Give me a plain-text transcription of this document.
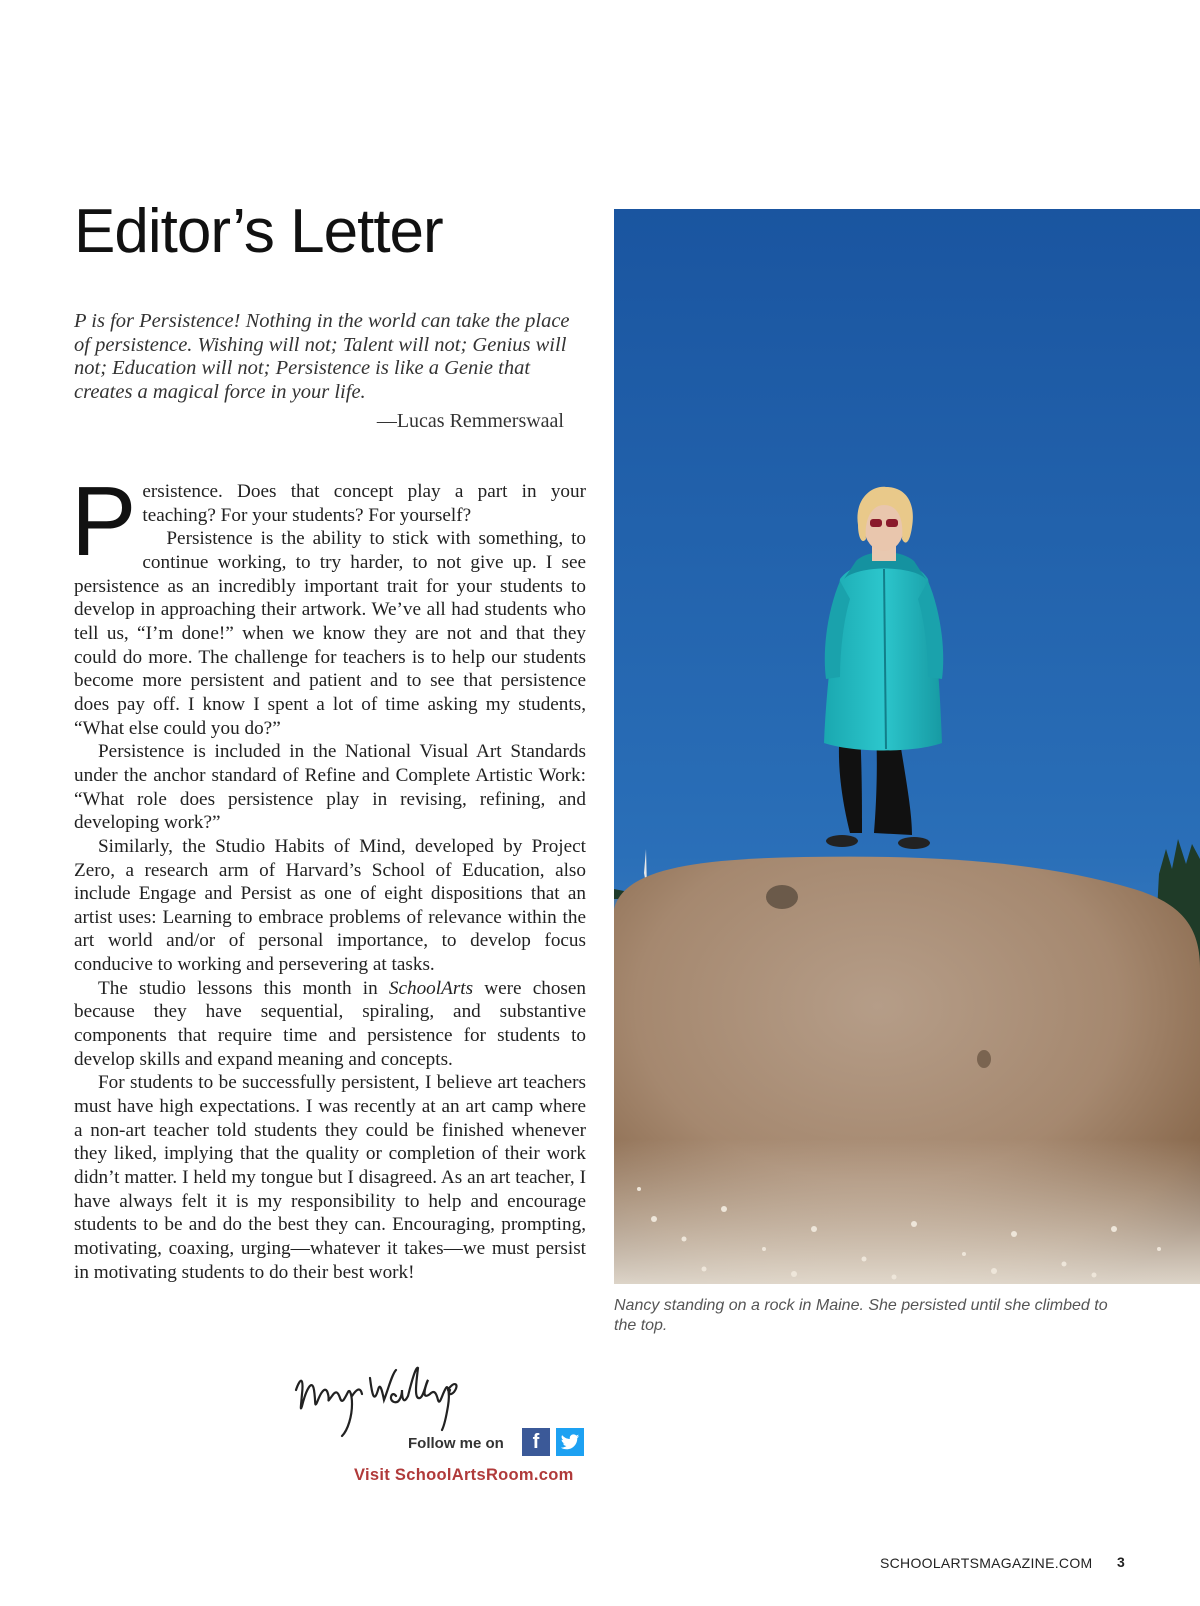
Editor’s Letter

P is for Persistence! Nothing in the world can take the place of persistence. Wishing will not; Talent will not; Genius will not; Education will not; Persistence is like a Genie that creates a magical force in your life.

—Lucas Remmerswaal

Persistence. Does that concept play a part in your teaching? For your students? For yourself?

Persistence is the ability to stick with something, to continue working, to try harder, to not give up. I see persistence as an incredibly important trait for your students to develop in approaching their artwork. We’ve all had students who tell us, “I’m done!” when we know they are not and that they could do more. The challenge for teachers is to help our students become more persistent and patient and to see that persistence does pay off. I know I spent a lot of time asking my students, “What else could you do?”

Persistence is included in the National Visual Art Standards under the anchor standard of Refine and Complete Artistic Work: “What role does persistence play in revising, refining, and developing work?”

Similarly, the Studio Habits of Mind, developed by Project Zero, a research arm of Harvard’s School of Education, also include Engage and Persist as one of eight dispositions that an artist uses: Learning to embrace problems of relevance within the art world and/or of personal importance, to develop focus conducive to working and persevering at tasks.

The studio lessons this month in SchoolArts were chosen because they have sequential, spiraling, and substantive components that require time and persistence for students to develop skills and expand meaning and concepts.

For students to be successfully persistent, I believe art teachers must have high expectations. I was recently at an art camp where a non-art teacher told students they could be finished whenever they liked, implying that the quality or completion of their work didn’t matter. I held my tongue but I disagreed. As an art teacher, I have always felt it is my responsibility to help and encourage students to be and do the best they can. Encouraging, prompting, motivating, coaxing, urging—whatever it takes—we must persist in motivating students to do their best work!

Follow me on	f
Visit SchoolArtsRoom.com

Nancy standing on a rock in Maine. She persisted until she climbed to the top.

SCHOOLARTSMAGAZINE.COM 3
